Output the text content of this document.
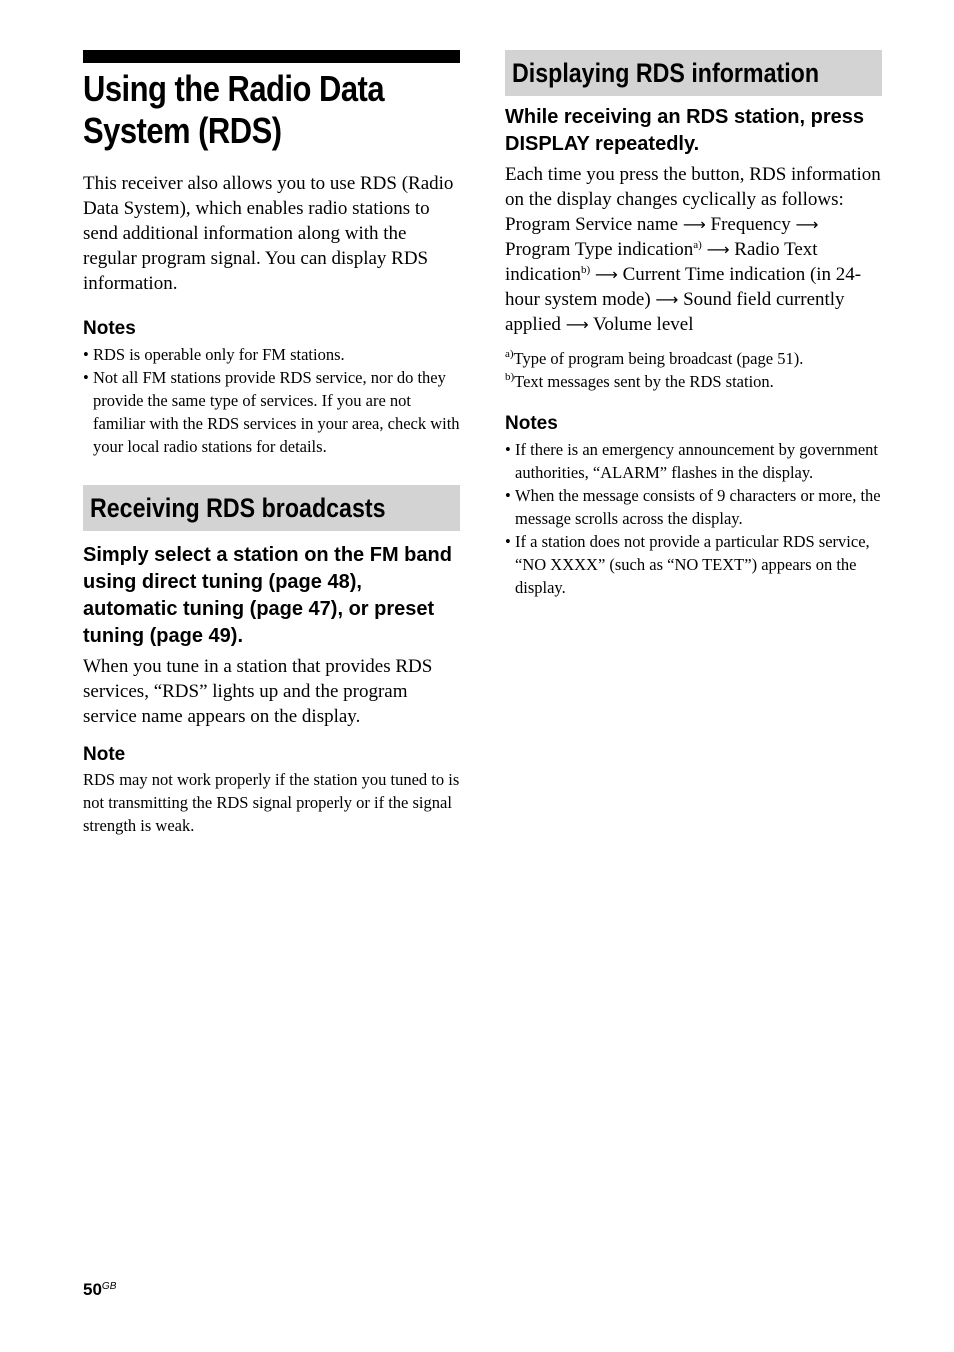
Using the Radio Data System (RDS)

This receiver also allows you to use RDS (Radio Data System), which enables radio stations to send additional information along with the regular program signal. You can display RDS information.

Notes
• RDS is operable only for FM stations.
• Not all FM stations provide RDS service, nor do they provide the same type of services. If you are not familiar with the RDS services in your area, check with your local radio stations for details.
Receiving RDS broadcasts
Simply select a station on the FM band using direct tuning (page 48), automatic tuning (page 47), or preset tuning (page 49).

When you tune in a station that provides RDS services, “RDS” lights up and the program service name appears on the display.

Note

RDS may not work properly if the station you tuned to is not transmitting the RDS signal properly or if the signal strength is weak.

Displaying RDS information
While receiving an RDS station, press DISPLAY repeatedly.

Each time you press the button, RDS information on the display changes cyclically as follows:

Program Service name ⟶ Frequency ⟶ Program Type indication$^{a)}$ ⟶ Radio Text indication$^{b)}$ ⟶ Current Time indication (in 24-hour system mode) ⟶ Sound field currently applied ⟶ Volume level

$^{a)}$Type of program being broadcast (page 51).

$^{b)}$Text messages sent by the RDS station.

Notes
• If there is an emergency announcement by government authorities, “ALARM” flashes in the display.
• When the message consists of 9 characters or more, the message scrolls across the display.
• If a station does not provide a particular RDS service, “NO XXXX” (such as “NO TEXT”) appears on the display.
$50^{GB}$
